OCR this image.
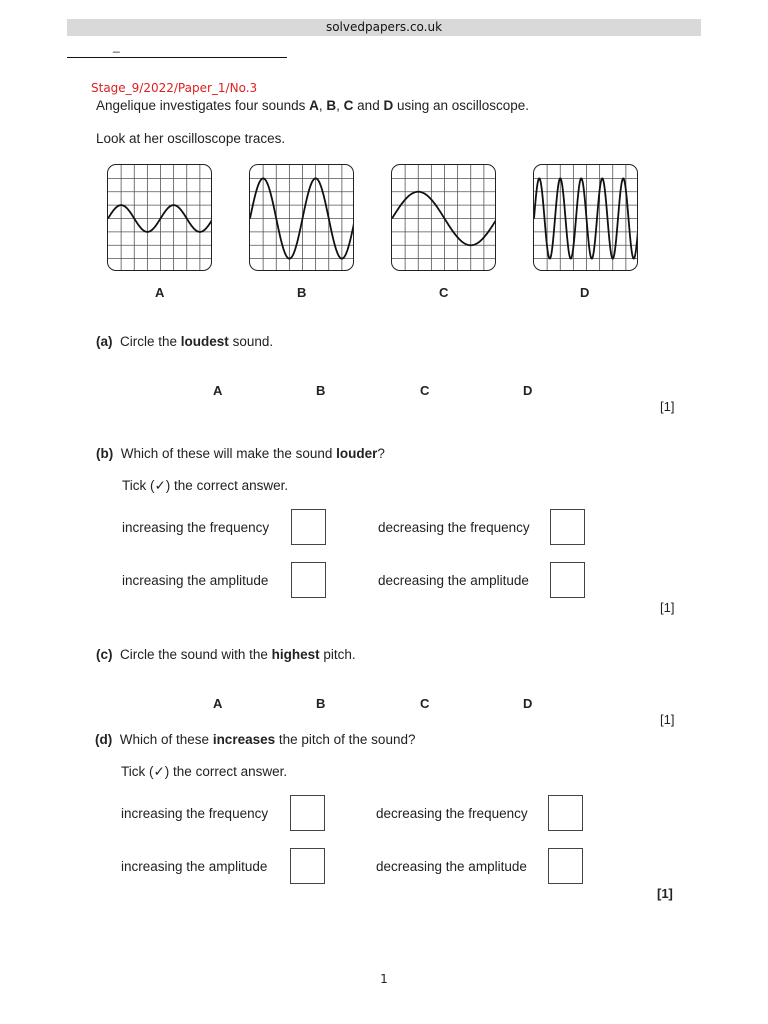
solvedpapers.co.uk
_
Stage_9/2022/Paper_1/No.3
Angelique investigates four sounds A, B, C and D using an oscilloscope.
Look at her oscilloscope traces.
A	B	C	D
(a) Circle the loudest sound.
A	B	C	D
[1]
(b) Which of these will make the sound louder?
Tick (✓) the correct answer.
increasing the frequency	decreasing the frequency
increasing the amplitude	decreasing the amplitude
[1]
(c) Circle the sound with the highest pitch.
A	B	C	D
[1]
(d) Which of these increases the pitch of the sound?
Tick (✓) the correct answer.
increasing the frequency	decreasing the frequency
increasing the amplitude	decreasing the amplitude
[1]
1
